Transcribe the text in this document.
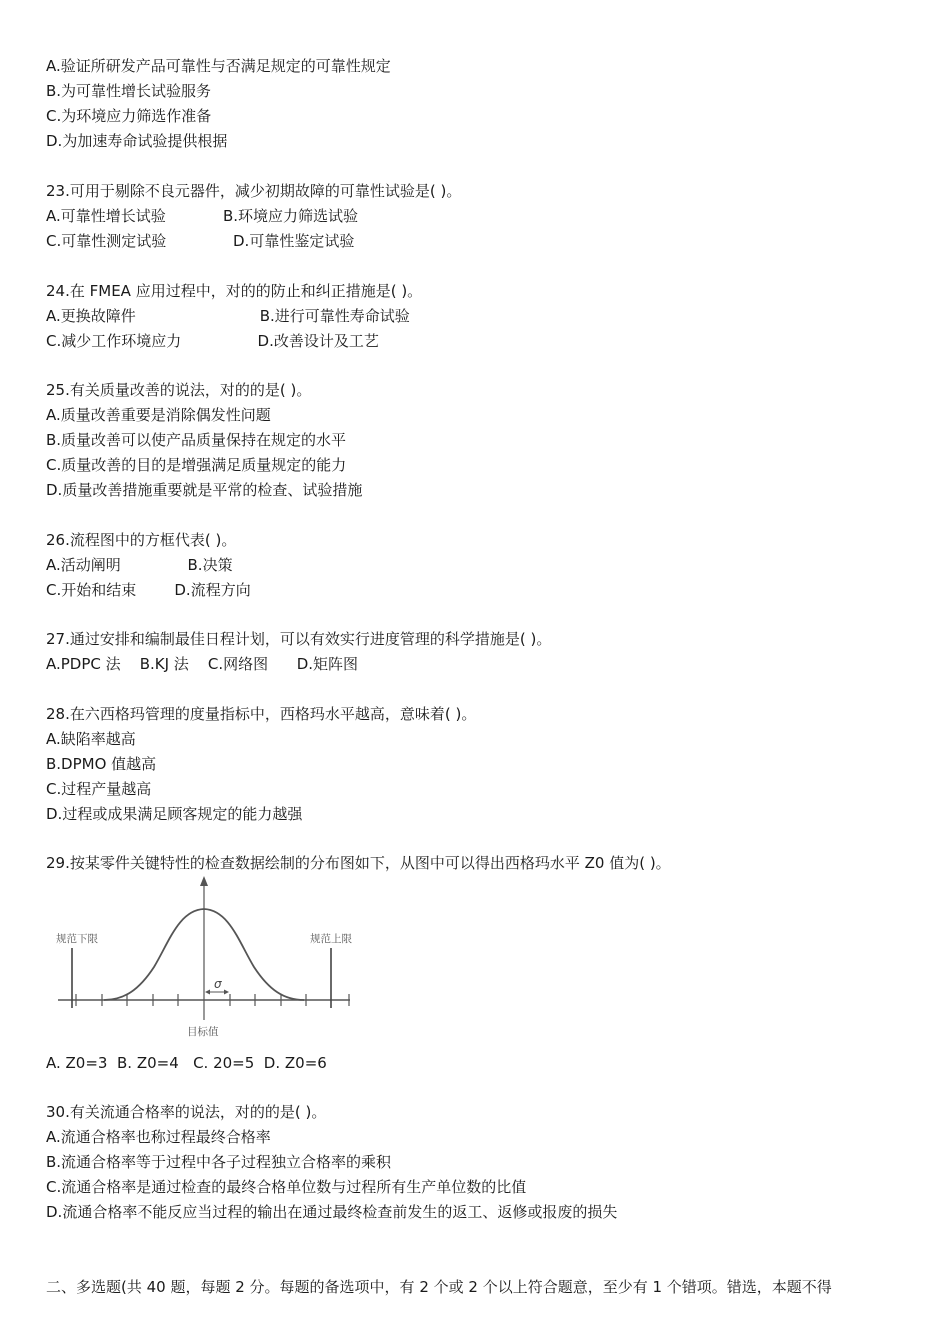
A.验证所研发产品可靠性与否满足规定的可靠性规定
B.为可靠性增长试验服务
C.为环境应力筛选作准备
D.为加速寿命试验提供根据
23.可用于剔除不良元器件，减少初期故障的可靠性试验是( )。
A.可靠性增长试验            B.环境应力筛选试验
C.可靠性测定试验              D.可靠性鉴定试验
24.在 FMEA 应用过程中，对的的防止和纠正措施是( )。
A.更换故障件                          B.进行可靠性寿命试验
C.减少工作环境应力                D.改善设计及工艺
25.有关质量改善的说法，对的的是( )。
A.质量改善重要是消除偶发性问题
B.质量改善可以使产品质量保持在规定的水平
C.质量改善的目的是增强满足质量规定的能力
D.质量改善措施重要就是平常的检查、试验措施
26.流程图中的方框代表( )。
A.活动阐明              B.决策
C.开始和结束        D.流程方向
27.通过安排和编制最佳日程计划，可以有效实行进度管理的科学措施是( )。
A.PDPC 法    B.KJ 法    C.网络图      D.矩阵图
28.在六西格玛管理的度量指标中，西格玛水平越高，意味着( )。
A.缺陷率越高
B.DPMO 值越高
C.过程产量越高
D.过程或成果满足顾客规定的能力越强
29.按某零件关键特性的检查数据绘制的分布图如下，从图中可以得出西格玛水平 Z0 值为( )。
σ
规范下限	规范上限
目标值
A. Z0=3  B. Z0=4   C. 20=5  D. Z0=6
30.有关流通合格率的说法，对的的是( )。
A.流通合格率也称过程最终合格率
B.流通合格率等于过程中各子过程独立合格率的乘积
C.流通合格率是通过检查的最终合格单位数与过程所有生产单位数的比值
D.流通合格率不能反应当过程的输出在通过最终检查前发生的返工、返修或报废的损失
二、多选题(共 40 题，每题 2 分。每题的备选项中，有 2 个或 2 个以上符合题意，至少有 1 个错项。错选，本题不得
